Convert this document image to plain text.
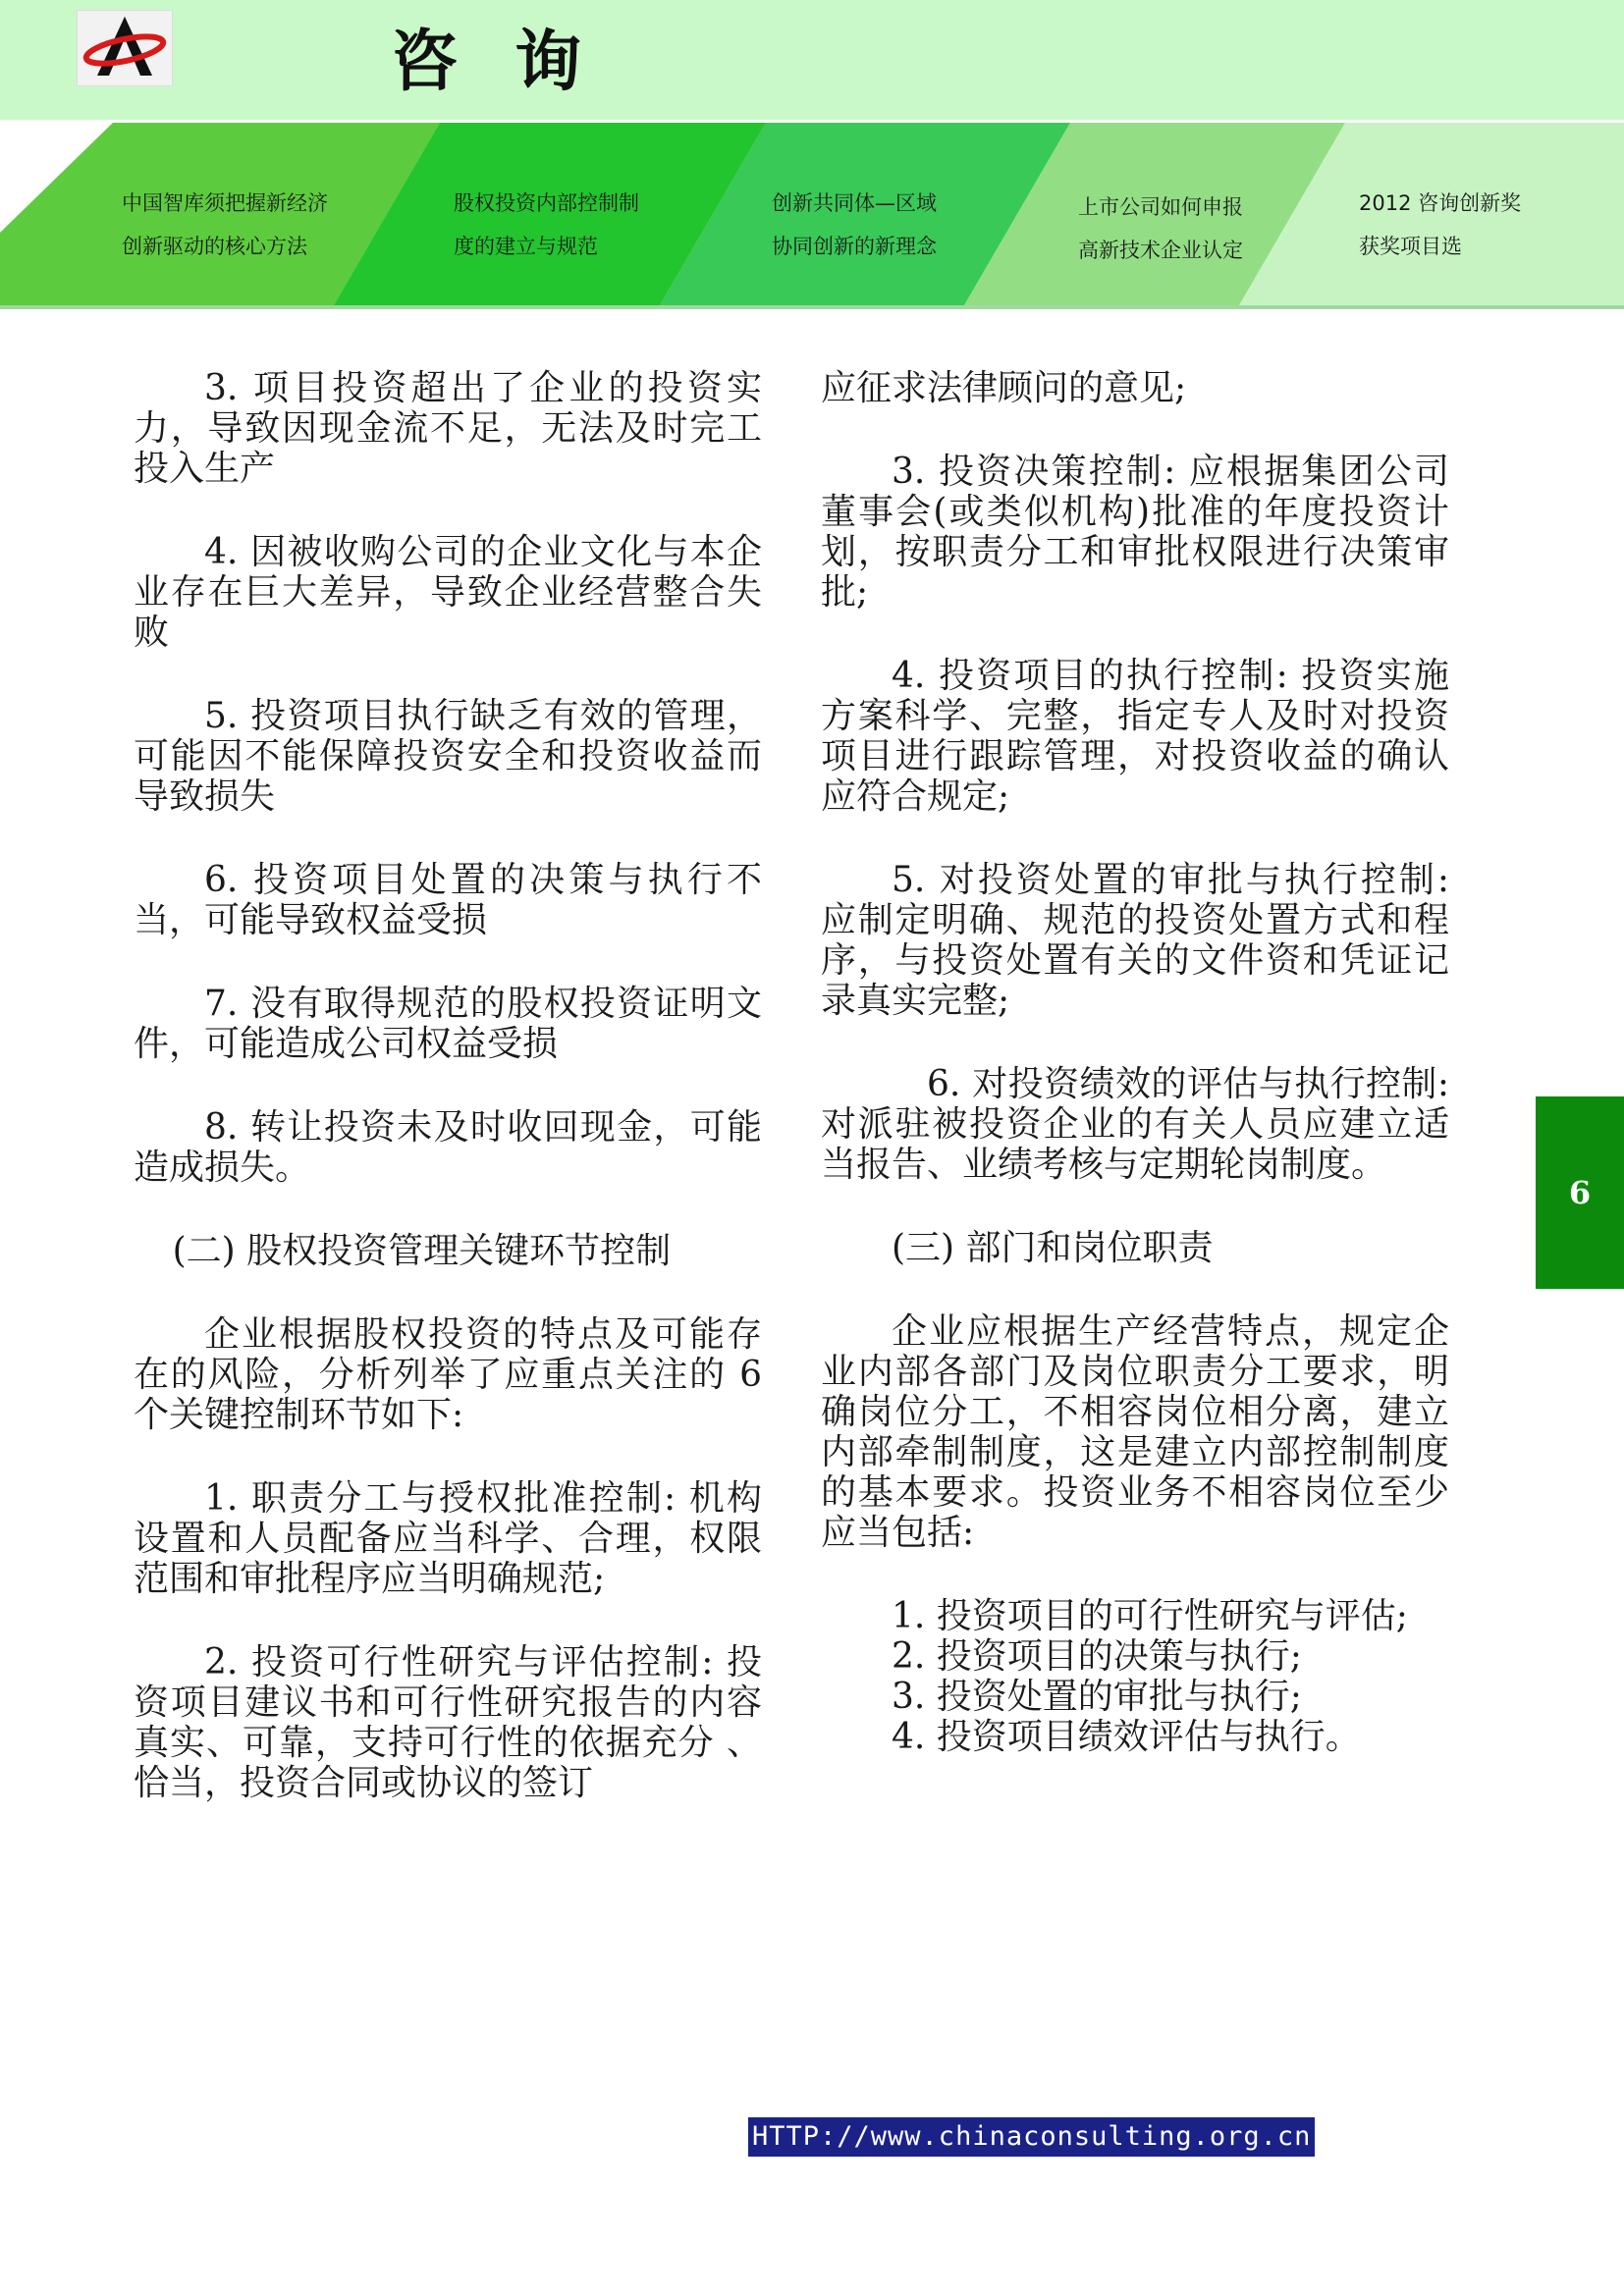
咨询
中国智库须把握新经济
创新驱动的核心方法
股权投资内部控制制
度的建立与规范
创新共同体—区域
协同创新的新理念
上市公司如何申报
高新技术企业认定
2012 咨询创新奖
获奖项目选

3. 项目投资超出了企业的投资实力，导致因现金流不足，无法及时完工投入生产

4. 因被收购公司的企业文化与本企业存在巨大差异，导致企业经营整合失败

5. 投资项目执行缺乏有效的管理，可能因不能保障投资安全和投资收益而导致损失

6. 投资项目处置的决策与执行不当，可能导致权益受损

7. 没有取得规范的股权投资证明文件，可能造成公司权益受损

8. 转让投资未及时收回现金，可能造成损失。

(二) 股权投资管理关键环节控制

企业根据股权投资的特点及可能存在的风险，分析列举了应重点关注的 6 个关键控制环节如下:

1. 职责分工与授权批准控制: 机构设置和人员配备应当科学、合理，权限范围和审批程序应当明确规范;

2. 投资可行性研究与评估控制: 投资项目建议书和可行性研究报告的内容真实、可靠，支持可行性的依据充分 、恰当，投资合同或协议的签订

应征求法律顾问的意见;

3. 投资决策控制: 应根据集团公司董事会(或类似机构)批准的年度投资计划，按职责分工和审批权限进行决策审批;

4. 投资项目的执行控制: 投资实施方案科学、完整，指定专人及时对投资项目进行跟踪管理，对投资收益的确认应符合规定;

5. 对投资处置的审批与执行控制: 应制定明确、规范的投资处置方式和程序，与投资处置有关的文件资和凭证记录真实完整;

6. 对投资绩效的评估与执行控制: 对派驻被投资企业的有关人员应建立适当报告、业绩考核与定期轮岗制度。

(三) 部门和岗位职责

企业应根据生产经营特点，规定企业内部各部门及岗位职责分工要求，明确岗位分工，不相容岗位相分离，建立内部牵制制度，这是建立内部控制制度的基本要求。投资业务不相容岗位至少应当包括:

1. 投资项目的可行性研究与评估;

2. 投资项目的决策与执行;

3. 投资处置的审批与执行;

4. 投资项目绩效评估与执行。

6
HTTP://www.chinaconsulting.org.cn
